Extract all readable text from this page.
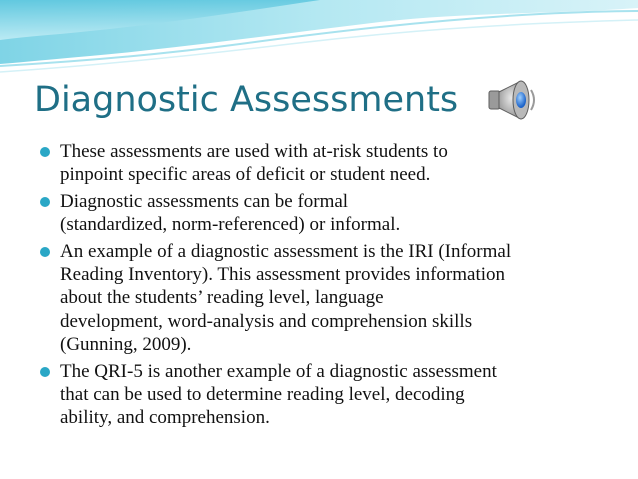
Diagnostic Assessments
These assessments are used with at-risk students to
pinpoint specific areas of deficit or student need.
Diagnostic assessments can be formal
(standardized, norm-referenced) or informal.
An example of a diagnostic assessment is the IRI (Informal
Reading Inventory). This assessment provides information
about the students’ reading level, language
development, word-analysis and comprehension skills
(Gunning, 2009).
The QRI-5 is another example of a diagnostic assessment
that can be used to determine reading level, decoding
ability, and comprehension.
